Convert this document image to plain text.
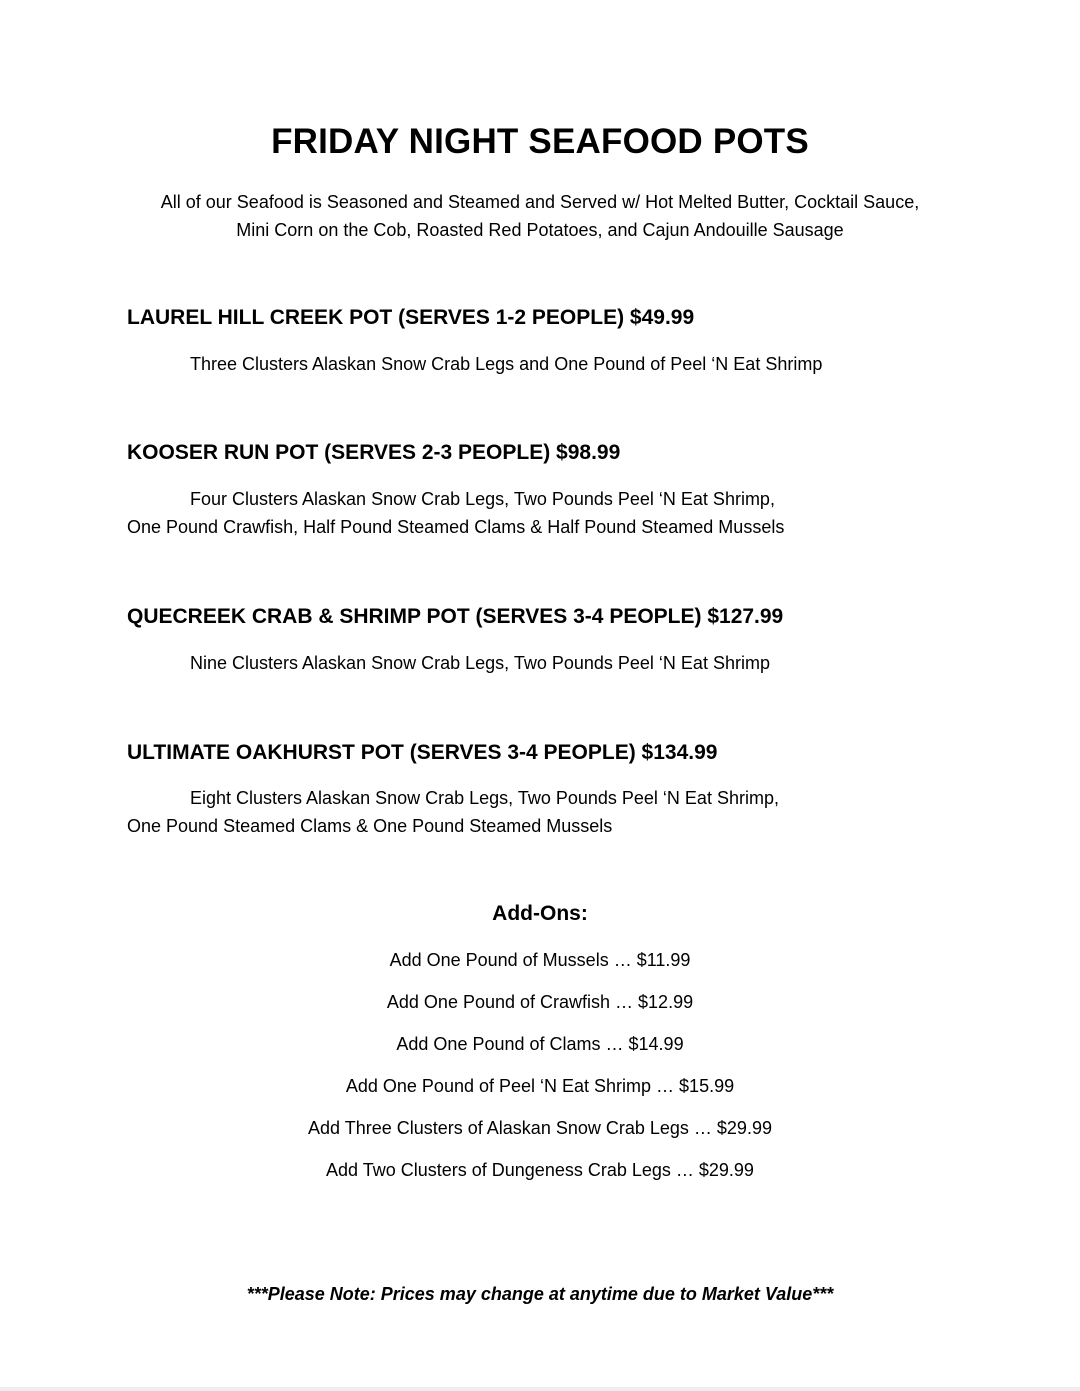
FRIDAY NIGHT SEAFOOD POTS
All of our Seafood is Seasoned and Steamed and Served w/ Hot Melted Butter, Cocktail Sauce,
Mini Corn on the Cob, Roasted Red Potatoes, and Cajun Andouille Sausage
LAUREL HILL CREEK POT (SERVES 1-2 PEOPLE) $49.99
Three Clusters Alaskan Snow Crab Legs and One Pound of Peel ‘N Eat Shrimp
KOOSER RUN POT (SERVES 2-3 PEOPLE) $98.99
Four Clusters Alaskan Snow Crab Legs, Two Pounds Peel ‘N Eat Shrimp,
One Pound Crawfish, Half Pound Steamed Clams & Half Pound Steamed Mussels
QUECREEK CRAB & SHRIMP POT (SERVES 3-4 PEOPLE) $127.99
Nine Clusters Alaskan Snow Crab Legs, Two Pounds Peel ‘N Eat Shrimp
ULTIMATE OAKHURST POT (SERVES 3-4 PEOPLE) $134.99
Eight Clusters Alaskan Snow Crab Legs, Two Pounds Peel ‘N Eat Shrimp,
One Pound Steamed Clams & One Pound Steamed Mussels
Add-Ons:
Add One Pound of Mussels … $11.99
Add One Pound of Crawfish … $12.99
Add One Pound of Clams … $14.99
Add One Pound of Peel ‘N Eat Shrimp … $15.99
Add Three Clusters of Alaskan Snow Crab Legs … $29.99
Add Two Clusters of Dungeness Crab Legs … $29.99
***Please Note: Prices may change at anytime due to Market Value***
